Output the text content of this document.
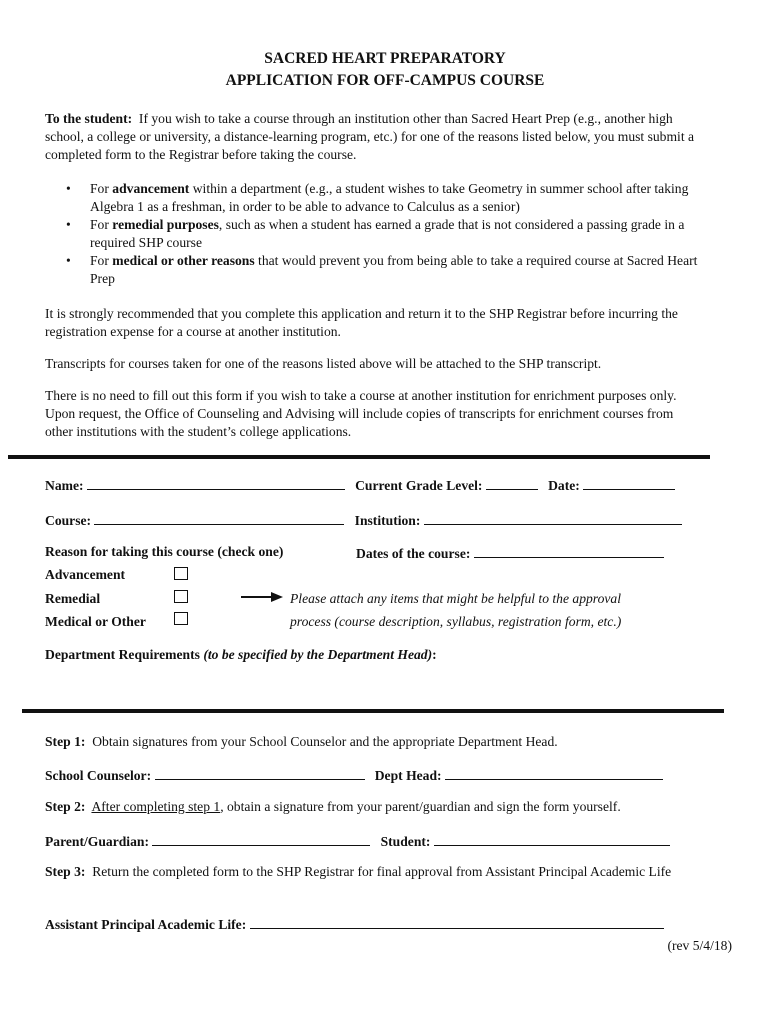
SACRED HEART PREPARATORY
APPLICATION FOR OFF-CAMPUS COURSE
To the student: If you wish to take a course through an institution other than Sacred Heart Prep (e.g., another high school, a college or university, a distance-learning program, etc.) for one of the reasons listed below, you must submit a completed form to the Registrar before taking the course.
• For advancement within a department (e.g., a student wishes to take Geometry in summer school after taking Algebra 1 as a freshman, in order to be able to advance to Calculus as a senior)
• For remedial purposes, such as when a student has earned a grade that is not considered a passing grade in a required SHP course
• For medical or other reasons that would prevent you from being able to take a required course at Sacred Heart Prep
It is strongly recommended that you complete this application and return it to the SHP Registrar before incurring the registration expense for a course at another institution.
Transcripts for courses taken for one of the reasons listed above will be attached to the SHP transcript.
There is no need to fill out this form if you wish to take a course at another institution for enrichment purposes only. Upon request, the Office of Counseling and Advising will include copies of transcripts for enrichment courses from other institutions with the student’s college applications.
Name:	Current Grade Level:	Date:
Course:	Institution:
Reason for taking this course (check one)	Dates of the course:
Advancement
Remedial
Medical or Other
Please attach any items that might be helpful to the approval
process (course description, syllabus, registration form, etc.)
Department Requirements (to be specified by the Department Head):
Step 1: Obtain signatures from your School Counselor and the appropriate Department Head.
School Counselor:	Dept Head:
Step 2: After completing step 1, obtain a signature from your parent/guardian and sign the form yourself.
Parent/Guardian:	Student:
Step 3: Return the completed form to the SHP Registrar for final approval from Assistant Principal Academic Life
Assistant Principal Academic Life:
(rev 5/4/18)
